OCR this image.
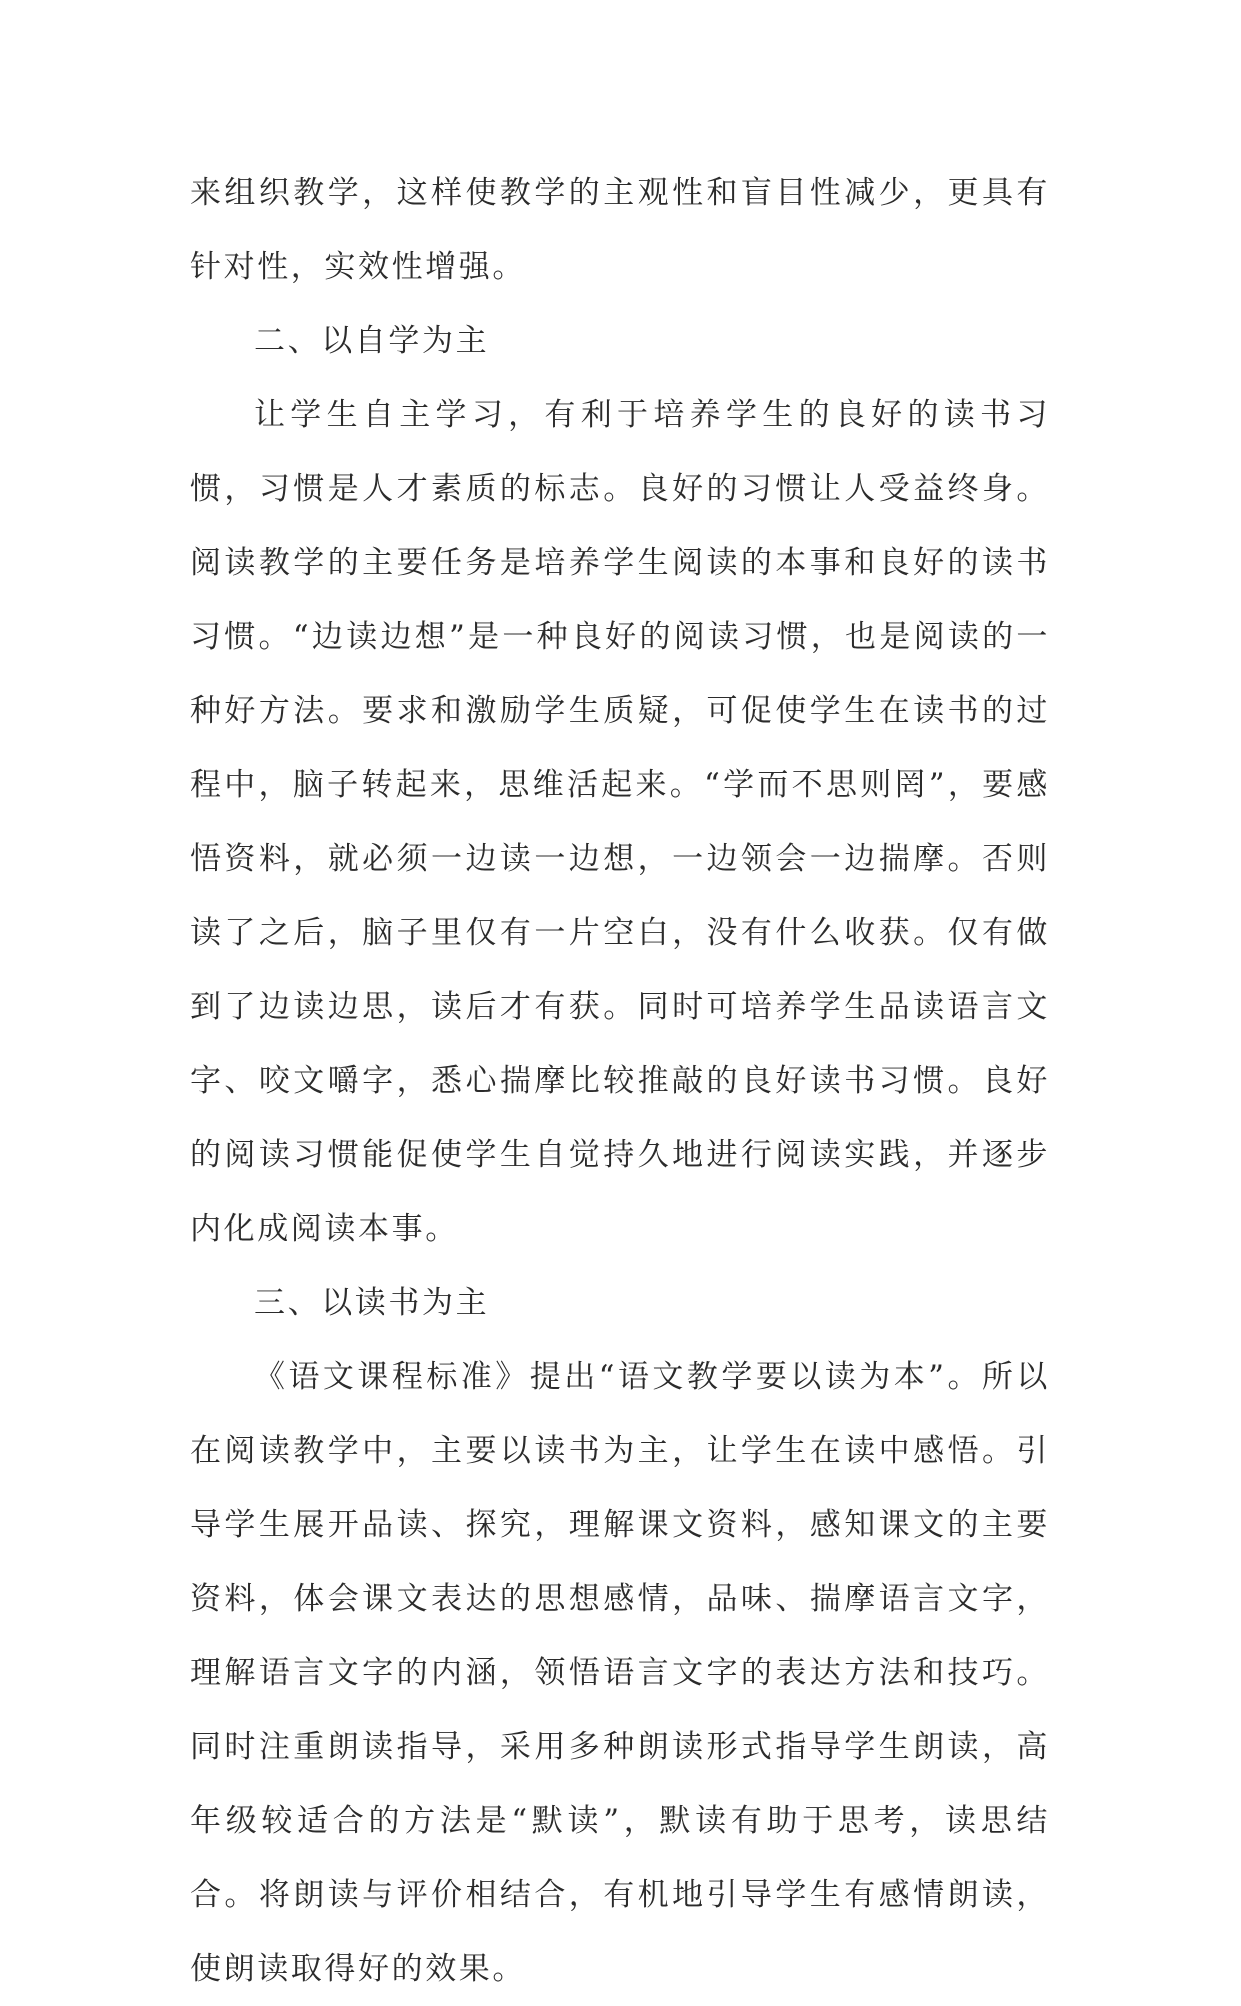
来组织教学，这样使教学的主观性和盲目性减少，更具有针对性，实效性增强。

二、以自学为主

让学生自主学习，有利于培养学生的良好的读书习惯，习惯是人才素质的标志。良好的习惯让人受益终身。阅读教学的主要任务是培养学生阅读的本事和良好的读书习惯。“边读边想”是一种良好的阅读习惯，也是阅读的一种好方法。要求和激励学生质疑，可促使学生在读书的过程中，脑子转起来，思维活起来。“学而不思则罔”，要感悟资料，就必须一边读一边想，一边领会一边揣摩。否则读了之后，脑子里仅有一片空白，没有什么收获。仅有做到了边读边思，读后才有获。同时可培养学生品读语言文字、咬文嚼字，悉心揣摩比较推敲的良好读书习惯。良好的阅读习惯能促使学生自觉持久地进行阅读实践，并逐步内化成阅读本事。

三、以读书为主

《语文课程标准》提出“语文教学要以读为本”。所以在阅读教学中，主要以读书为主，让学生在读中感悟。引导学生展开品读、探究，理解课文资料，感知课文的主要资料，体会课文表达的思想感情，品味、揣摩语言文字，理解语言文字的内涵，领悟语言文字的表达方法和技巧。同时注重朗读指导，采用多种朗读形式指导学生朗读，高年级较适合的方法是“默读”，默读有助于思考，读思结合。将朗读与评价相结合，有机地引导学生有感情朗读，使朗读取得好的效果。
